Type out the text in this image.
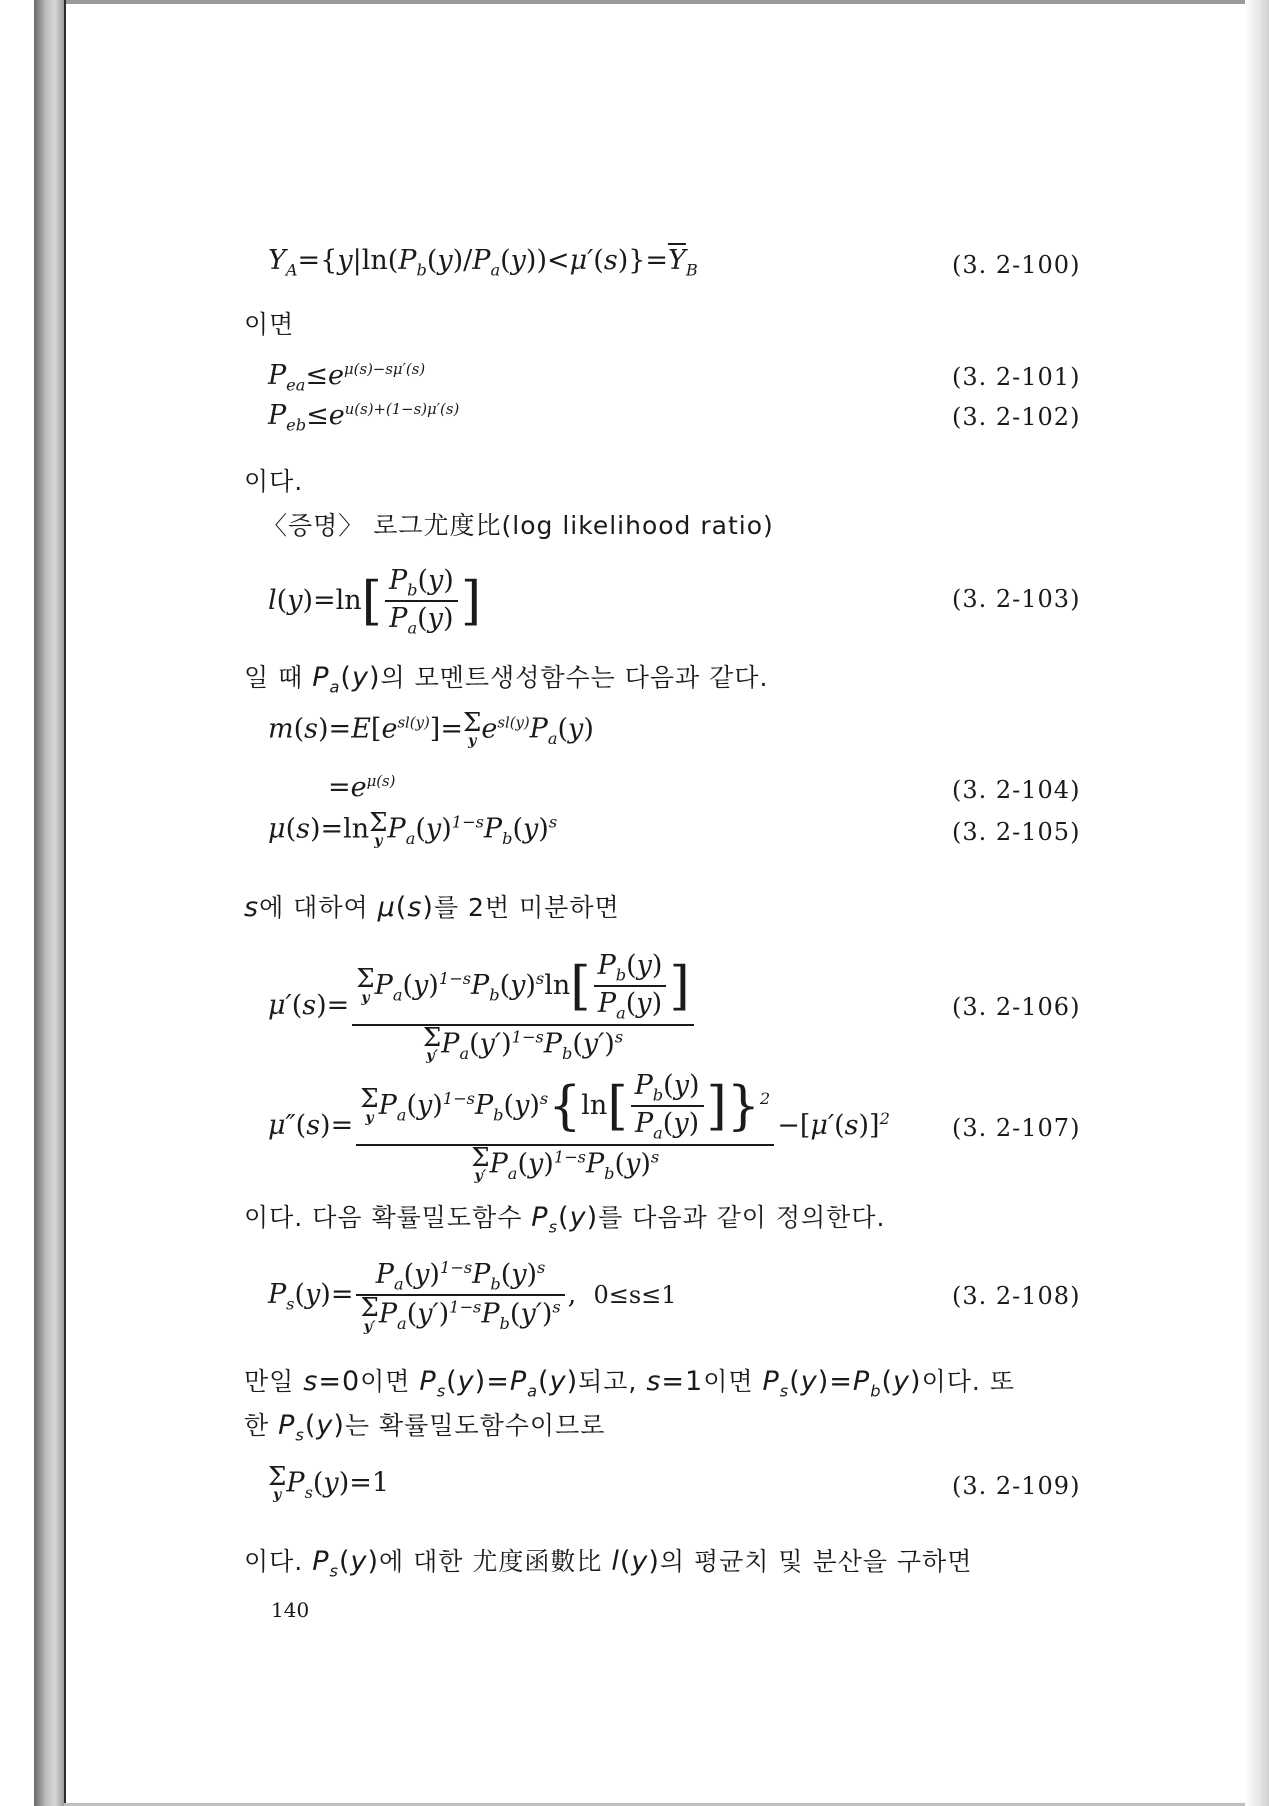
$Y_A=\{y|\ln(P_b(y)/P_a(y))<\mu'(s)\}=\overline{Y}_B$	(3. 2-100)
이면
$P_{ea}\le e^{\mu(s)-s\mu'(s)}$	(3. 2-101)
$P_{eb}\le e^{u(s)+(1-s)\mu'(s)}$	(3. 2-102)
이다.
〈증명〉 로그尤度比(log likelihood ratio)
$l(y)=\ln[ \frac{P_b(y)}{P_a(y)}$ ]	(3. 2-103)
일 때 $P_a(y)$의 모멘트생성함수는 다음과 같다.
$m(s)=E[e^{sl(y)}]= \Sigma$
y $e^{sl(y)}P_a(y)$
$=e^{\mu(s)}$	(3. 2-104)
μ(s)=ln Σ
y $P_a(y)^{1-s}P_b(y)^s$	(3. 2-105)
s에 대하여 μ(s)를 2번 미분하면
μ′(s)= Σ
y $P_a(y)^{1-s}P_b(y)^s\ln[ \frac{P_b(y)}{P_a(y)}$ ]
Σ
y′ $P_a(y')^{1-s}P_b(y')^s$	(3. 2-106)
μ″(s)= Σ
y $P_a(y)^{1-s}P_b(y)^s\{\ln[ \frac{P_b(y)}{P_a(y)} ]\}^2$
Σ
y′ $P_a(y)^{1-s}P_b(y)^s -[\mu'(s)]^2$	(3. 2-107)
이다. 다음 확률밀도함수 $P_s(y)$를 다음과 같이 정의한다.
$P_s(y)= P_a(y)^{1-s}P_b(y)^s$
Σ
y′ $P_a(y')^{1-s}P_b(y')^s$ ,  0≤s≤1	(3. 2-108)
만일 s=0이면 $P_s(y)=P_a(y)$되고, s=1이면 $P_s(y)=P_b(y)$이다. 또
한 $P_s(y)$는 확률밀도함수이므로
Σ
y $P_s(y)=1$	(3. 2-109)
이다. $P_s(y)$에 대한 尤度函數比 l(y)의 평균치 및 분산을 구하면
140
